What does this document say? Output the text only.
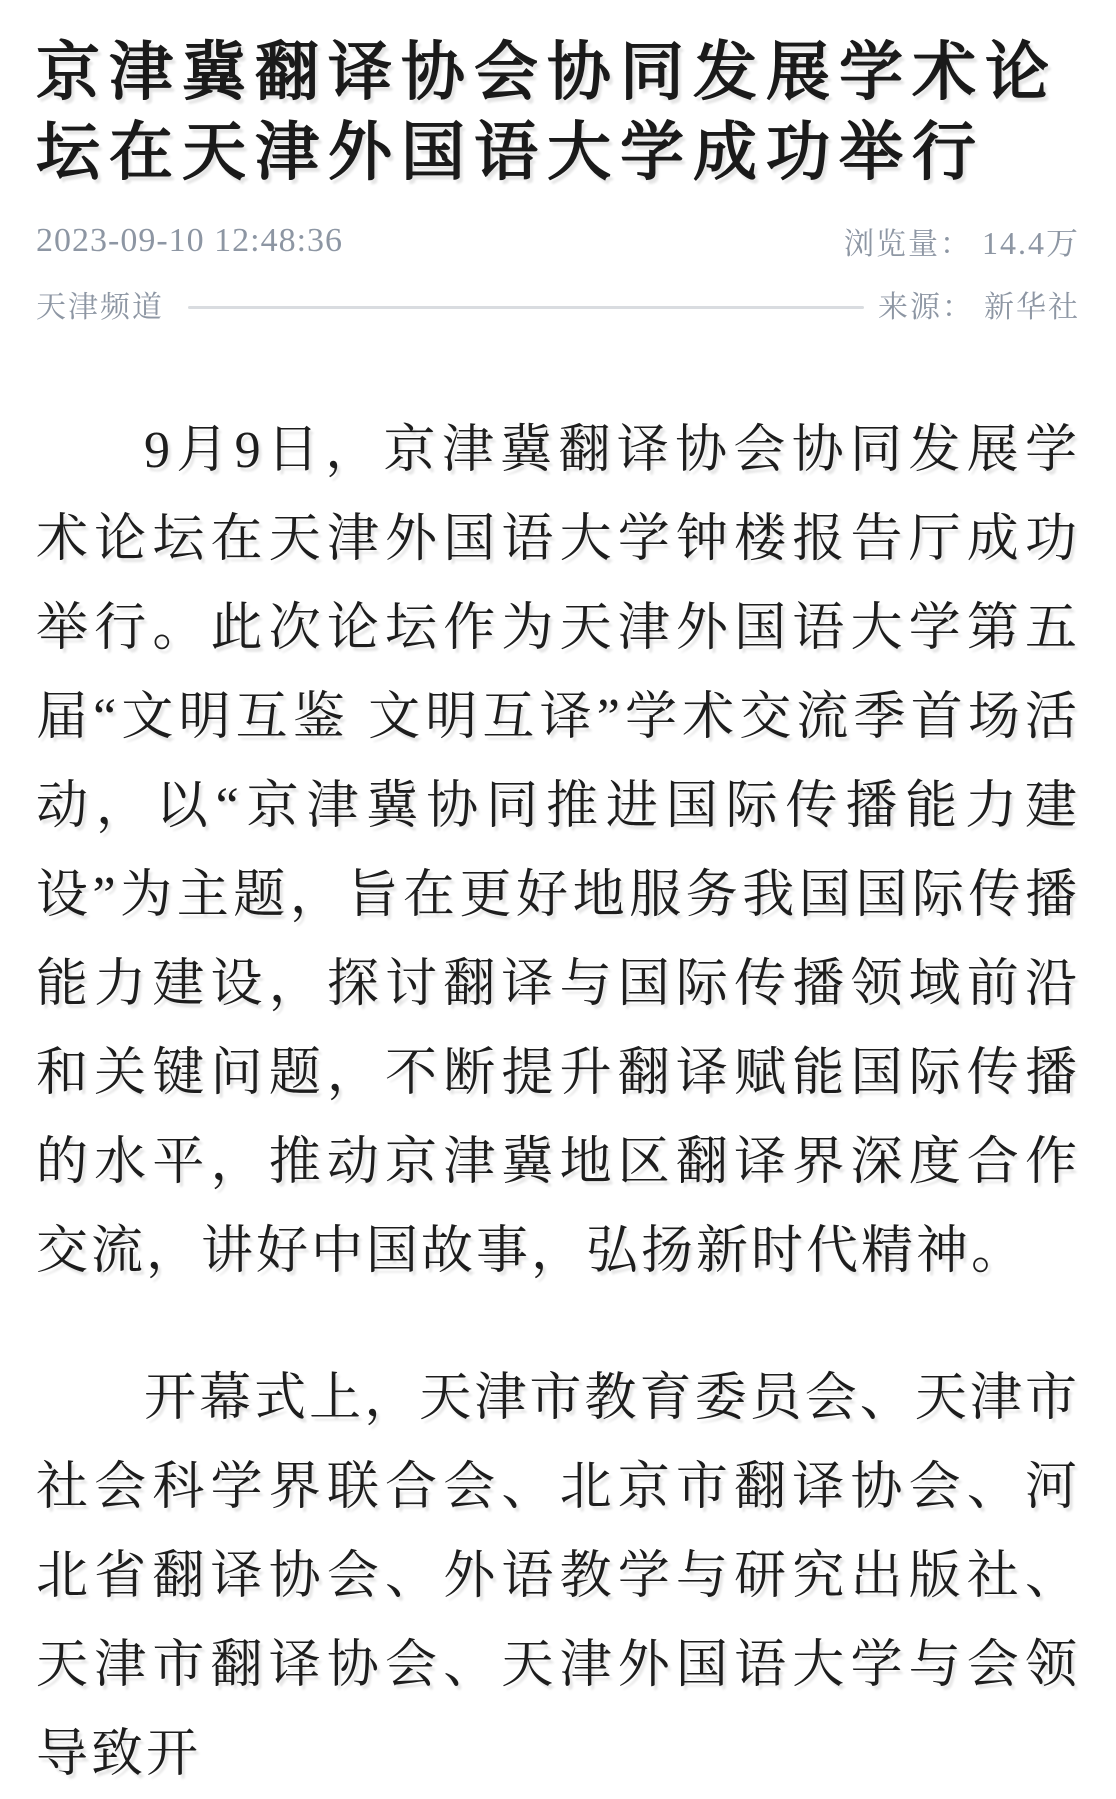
京津冀翻译协会协同发展学术论坛在天津外国语大学成功举行
2023-09-10 12:48:36	浏览量： 14.4万
天津频道	来源： 新华社

9月9日，京津冀翻译协会协同发展学术论坛在天津外国语大学钟楼报告厅成功举行。此次论坛作为天津外国语大学第五届“文明互鉴 文明互译”学术交流季首场活动，以“京津冀协同推进国际传播能力建设”为主题，旨在更好地服务我国国际传播能力建设，探讨翻译与国际传播领域前沿和关键问题，不断提升翻译赋能国际传播的水平，推动京津冀地区翻译界深度合作交流，讲好中国故事，弘扬新时代精神。

开幕式上，天津市教育委员会、天津市社会科学界联合会、北京市翻译协会、河北省翻译协会、外语教学与研究出版社、天津市翻译协会、天津外国语大学与会领导致开
